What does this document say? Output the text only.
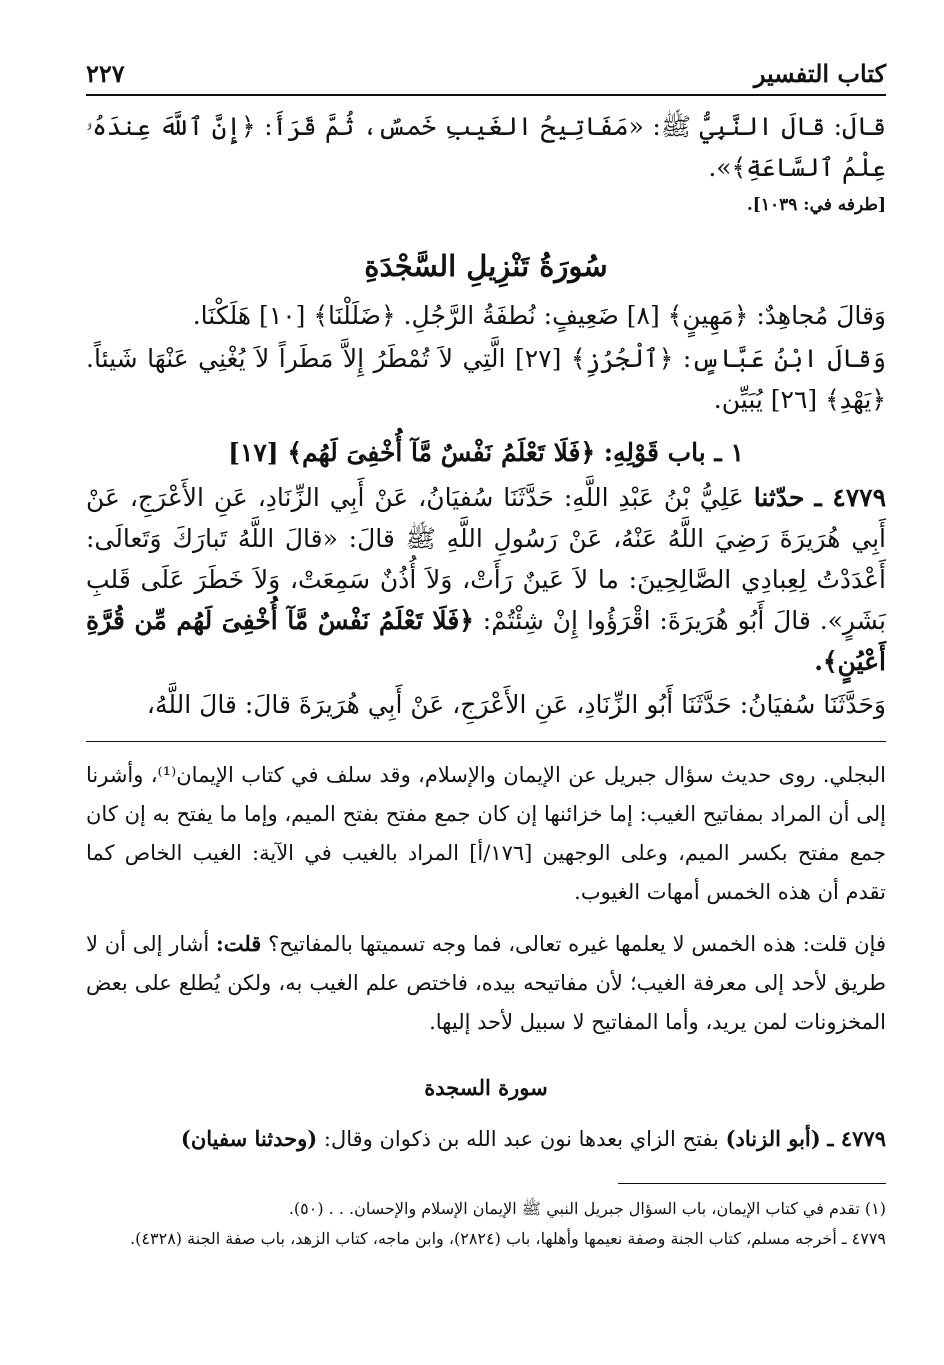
كتاب التفسير
٢٢٧

قالَ: قالَ النَّبِيُّ ﷺ: «مَفَاتِيحُ الغَيبِ خَمسٌ، ثُمَّ قَرَأَ: ﴿إِنَّ ٱللَّهَ عِندَهُۥ عِلْمُ ٱلسَّاعَةِ﴾».

[طرفه في: ١٠٣٩].

سُورَةُ تَنْزِيلِ السَّجْدَةِ

وَقالَ مُجاهِدٌ: ﴿مَهِينٍ﴾ [٨] ضَعِيفٍ: نُطفَةُ الرَّجُلِ. ﴿ضَلَلْنَا﴾ [١٠] هَلَكْنَا.

وَقالَ ابْنُ عَبَّاسٍ: ﴿ٱلْجُرُزِ﴾ [٢٧] الَّتِي لاَ تُمْطَرُ إِلاَّ مَطَراً لاَ يُغْنِي عَنْهَا شَيئاً. ﴿يَهْدِ﴾ [٢٦] يُبَيِّن.

١ ـ باب قَوْلِهِ: ﴿فَلَا تَعْلَمُ نَفْسٌ مَّآ أُخْفِىَ لَهُم﴾ [١٧]

٤٧٧٩ ـ حدّثنا عَلِيُّ بْنُ عَبْدِ اللَّهِ: حَدَّثَنَا سُفيَانُ، عَنْ أَبِي الزِّنَادِ، عَنِ الأَعْرَجِ، عَنْ أَبِي هُرَيرَةَ رَضِيَ اللَّهُ عَنْهُ، عَنْ رَسُولِ اللَّهِ ﷺ قالَ: «قالَ اللَّهُ تَبارَكَ وَتَعالَى: أَعْدَدْتُ لِعِبادِي الصَّالِحِينَ: ما لاَ عَينٌ رَأَتْ، وَلاَ أُذُنٌ سَمِعَتْ، وَلاَ خَطَرَ عَلَى قَلبِ بَشَرٍ». قالَ أَبُو هُرَيرَةَ: اقْرَؤُوا إِنْ شِئْتُمْ: ﴿فَلَا تَعْلَمُ نَفْسٌ مَّآ أُخْفِىَ لَهُم مِّن قُرَّةِ أَعْيُنٍ﴾.

وَحَدَّثَنَا سُفيَانُ: حَدَّثَنَا أَبُو الزِّنَادِ، عَنِ الأَعْرَجِ، عَنْ أَبِي هُرَيرَةَ قالَ: قالَ اللَّهُ،

البجلي. روى حديث سؤال جبريل عن الإيمان والإسلام، وقد سلف في كتاب الإيمان⁽¹⁾، وأشرنا إلى أن المراد بمفاتيح الغيب: إما خزائنها إن كان جمع مفتح بفتح الميم، وإما ما يفتح به إن كان جمع مفتح بكسر الميم، وعلى الوجهين [١٧٦/أ] المراد بالغيب في الآية: الغيب الخاص كما تقدم أن هذه الخمس أمهات الغيوب.

فإن قلت: هذه الخمس لا يعلمها غيره تعالى، فما وجه تسميتها بالمفاتيح؟ قلت: أشار إلى أن لا طريق لأحد إلى معرفة الغيب؛ لأن مفاتيحه بيده، فاختص علم الغيب به، ولكن يُطلع على بعض المخزونات لمن يريد، وأما المفاتيح لا سبيل لأحد إليها.

سورة السجدة

٤٧٧٩ ـ (أبو الزناد) بفتح الزاي بعدها نون عبد الله بن ذكوان وقال: (وحدثنا سفيان)

(١) تقدم في كتاب الإيمان، باب السؤال جبريل النبي ﷺ الإيمان الإسلام والإحسان. . . (٥٠).

٤٧٧٩ ـ أخرجه مسلم، كتاب الجنة وصفة نعيمها وأهلها، باب (٢٨٢٤)، وابن ماجه، كتاب الزهد، باب صفة الجنة (٤٣٢٨).
